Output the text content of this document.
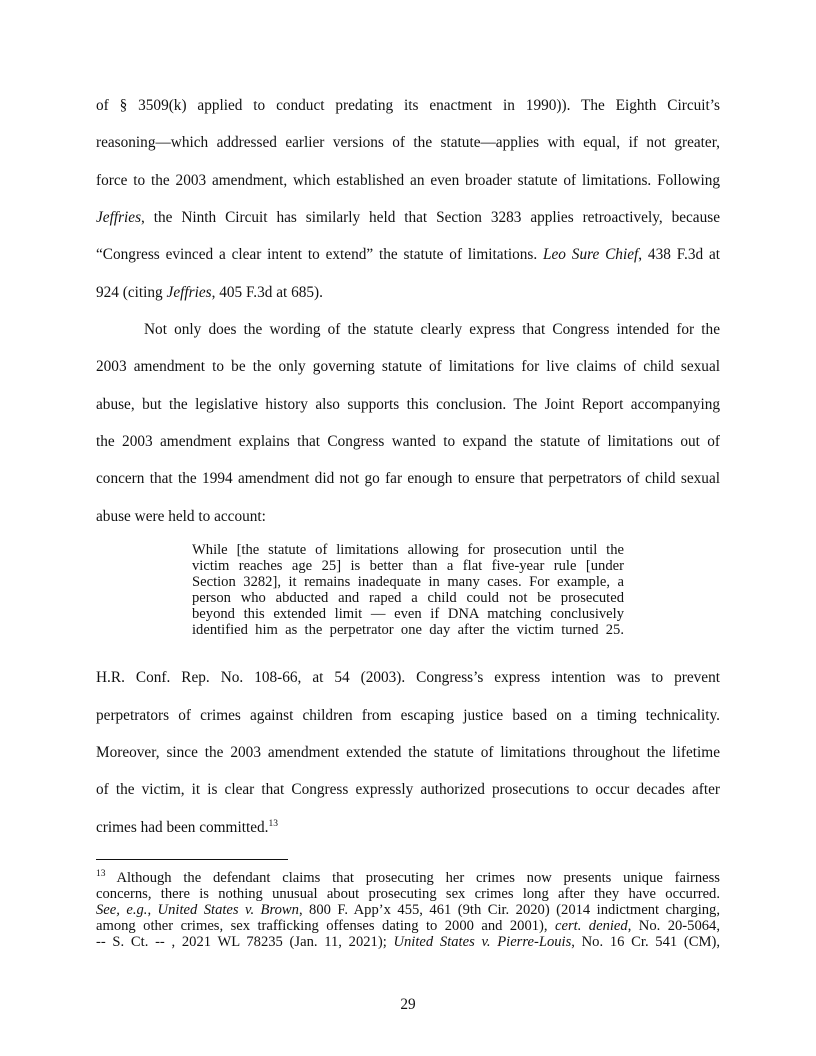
of § 3509(k) applied to conduct predating its enactment in 1990)). The Eighth Circuit’s

reasoning—which addressed earlier versions of the statute—applies with equal, if not greater,

force to the 2003 amendment, which established an even broader statute of limitations. Following

Jeffries, the Ninth Circuit has similarly held that Section 3283 applies retroactively, because

“Congress evinced a clear intent to extend” the statute of limitations. Leo Sure Chief, 438 F.3d at

924 (citing Jeffries, 405 F.3d at 685).

Not only does the wording of the statute clearly express that Congress intended for the

2003 amendment to be the only governing statute of limitations for live claims of child sexual

abuse, but the legislative history also supports this conclusion. The Joint Report accompanying

the 2003 amendment explains that Congress wanted to expand the statute of limitations out of

concern that the 1994 amendment did not go far enough to ensure that perpetrators of child sexual

abuse were held to account:

While [the statute of limitations allowing for prosecution until the

victim reaches age 25] is better than a flat five-year rule [under

Section 3282], it remains inadequate in many cases. For example, a

person who abducted and raped a child could not be prosecuted

beyond this extended limit — even if DNA matching conclusively

identified him as the perpetrator one day after the victim turned 25.

H.R. Conf. Rep. No. 108-66, at 54 (2003). Congress’s express intention was to prevent

perpetrators of crimes against children from escaping justice based on a timing technicality.

Moreover, since the 2003 amendment extended the statute of limitations throughout the lifetime

of the victim, it is clear that Congress expressly authorized prosecutions to occur decades after

crimes had been committed.$^{13}$

$^{13}$ Although the defendant claims that prosecuting her crimes now presents unique fairness

concerns, there is nothing unusual about prosecuting sex crimes long after they have occurred.

See, e.g., United States v. Brown, 800 F. App’x 455, 461 (9th Cir. 2020) (2014 indictment charging,

among other crimes, sex trafficking offenses dating to 2000 and 2001), cert. denied, No. 20-5064,

-- S. Ct. -- , 2021 WL 78235 (Jan. 11, 2021); United States v. Pierre-Louis, No. 16 Cr. 541 (CM),

29
